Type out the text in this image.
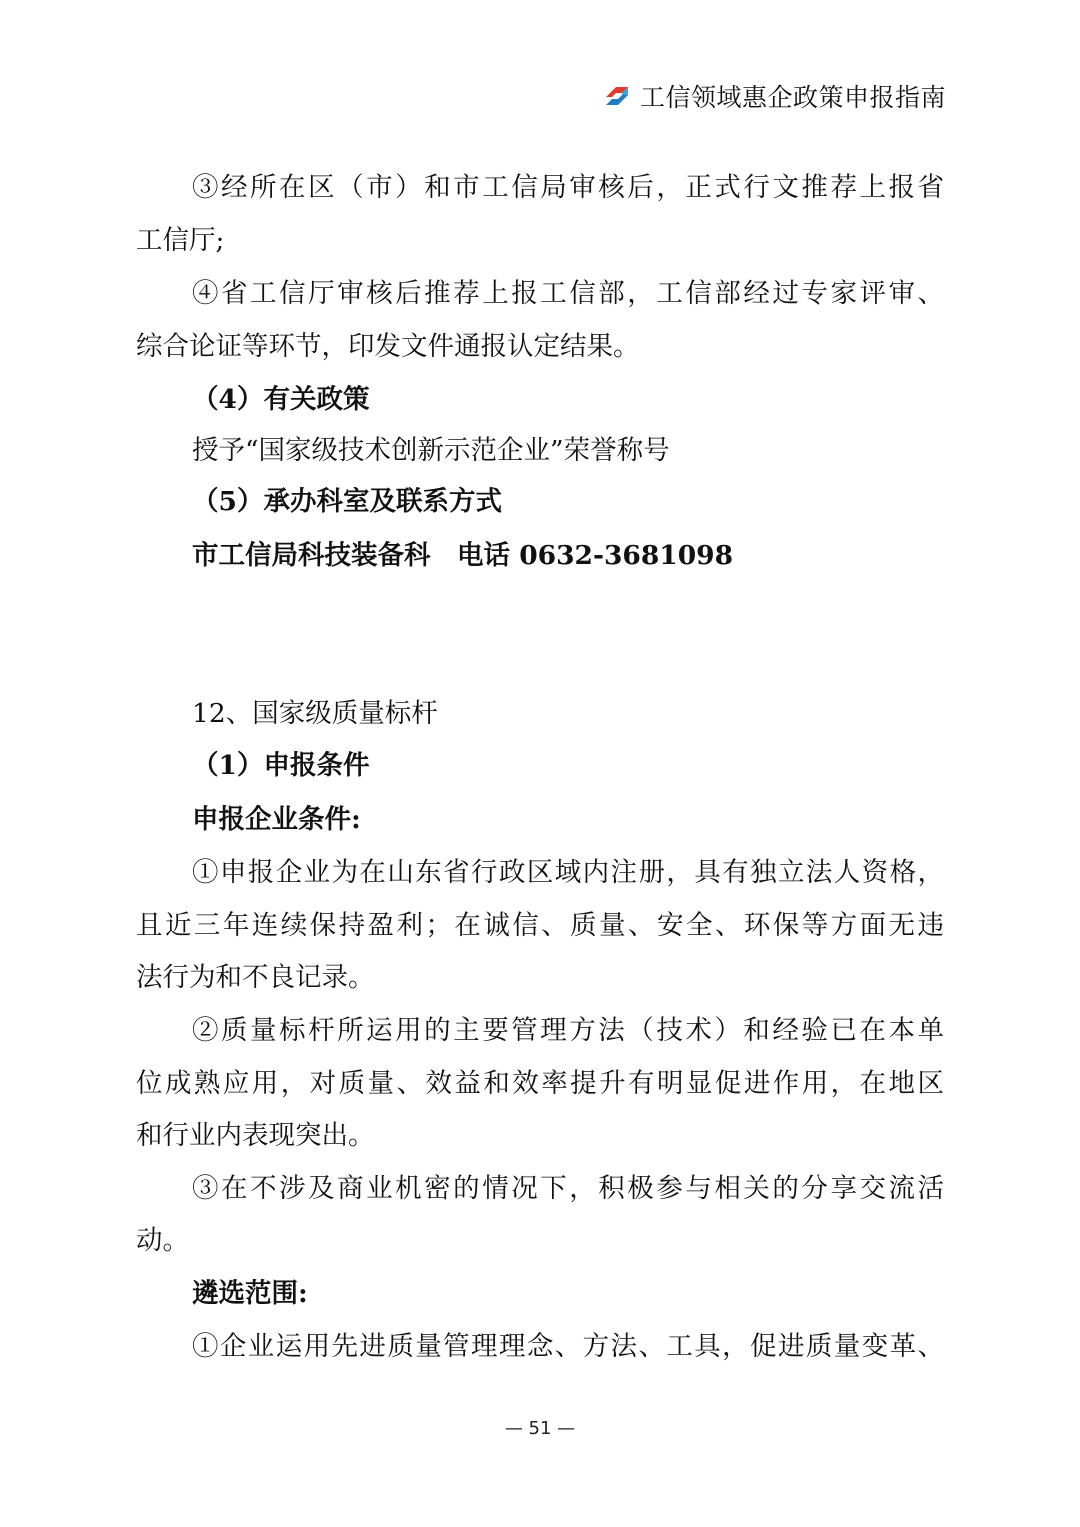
工信领域惠企政策申报指南
③经所在区（市）和市工信局审核后，正式行文推荐上报省
工信厅;
④省工信厅审核后推荐上报工信部，工信部经过专家评审、
综合论证等环节，印发文件通报认定结果。
（4）有关政策
授予“国家级技术创新示范企业”荣誉称号
（5）承办科室及联系方式
市工信局科技装备科　电话 0632-3681098
12、国家级质量标杆
（1）申报条件
申报企业条件:
①申报企业为在山东省行政区域内注册，具有独立法人资格，
且近三年连续保持盈利；在诚信、质量、安全、环保等方面无违
法行为和不良记录。
②质量标杆所运用的主要管理方法（技术）和经验已在本单
位成熟应用，对质量、效益和效率提升有明显促进作用，在地区
和行业内表现突出。
③在不涉及商业机密的情况下，积极参与相关的分享交流活
动。
遴选范围:
①企业运用先进质量管理理念、方法、工具，促进质量变革、
— 51 —
